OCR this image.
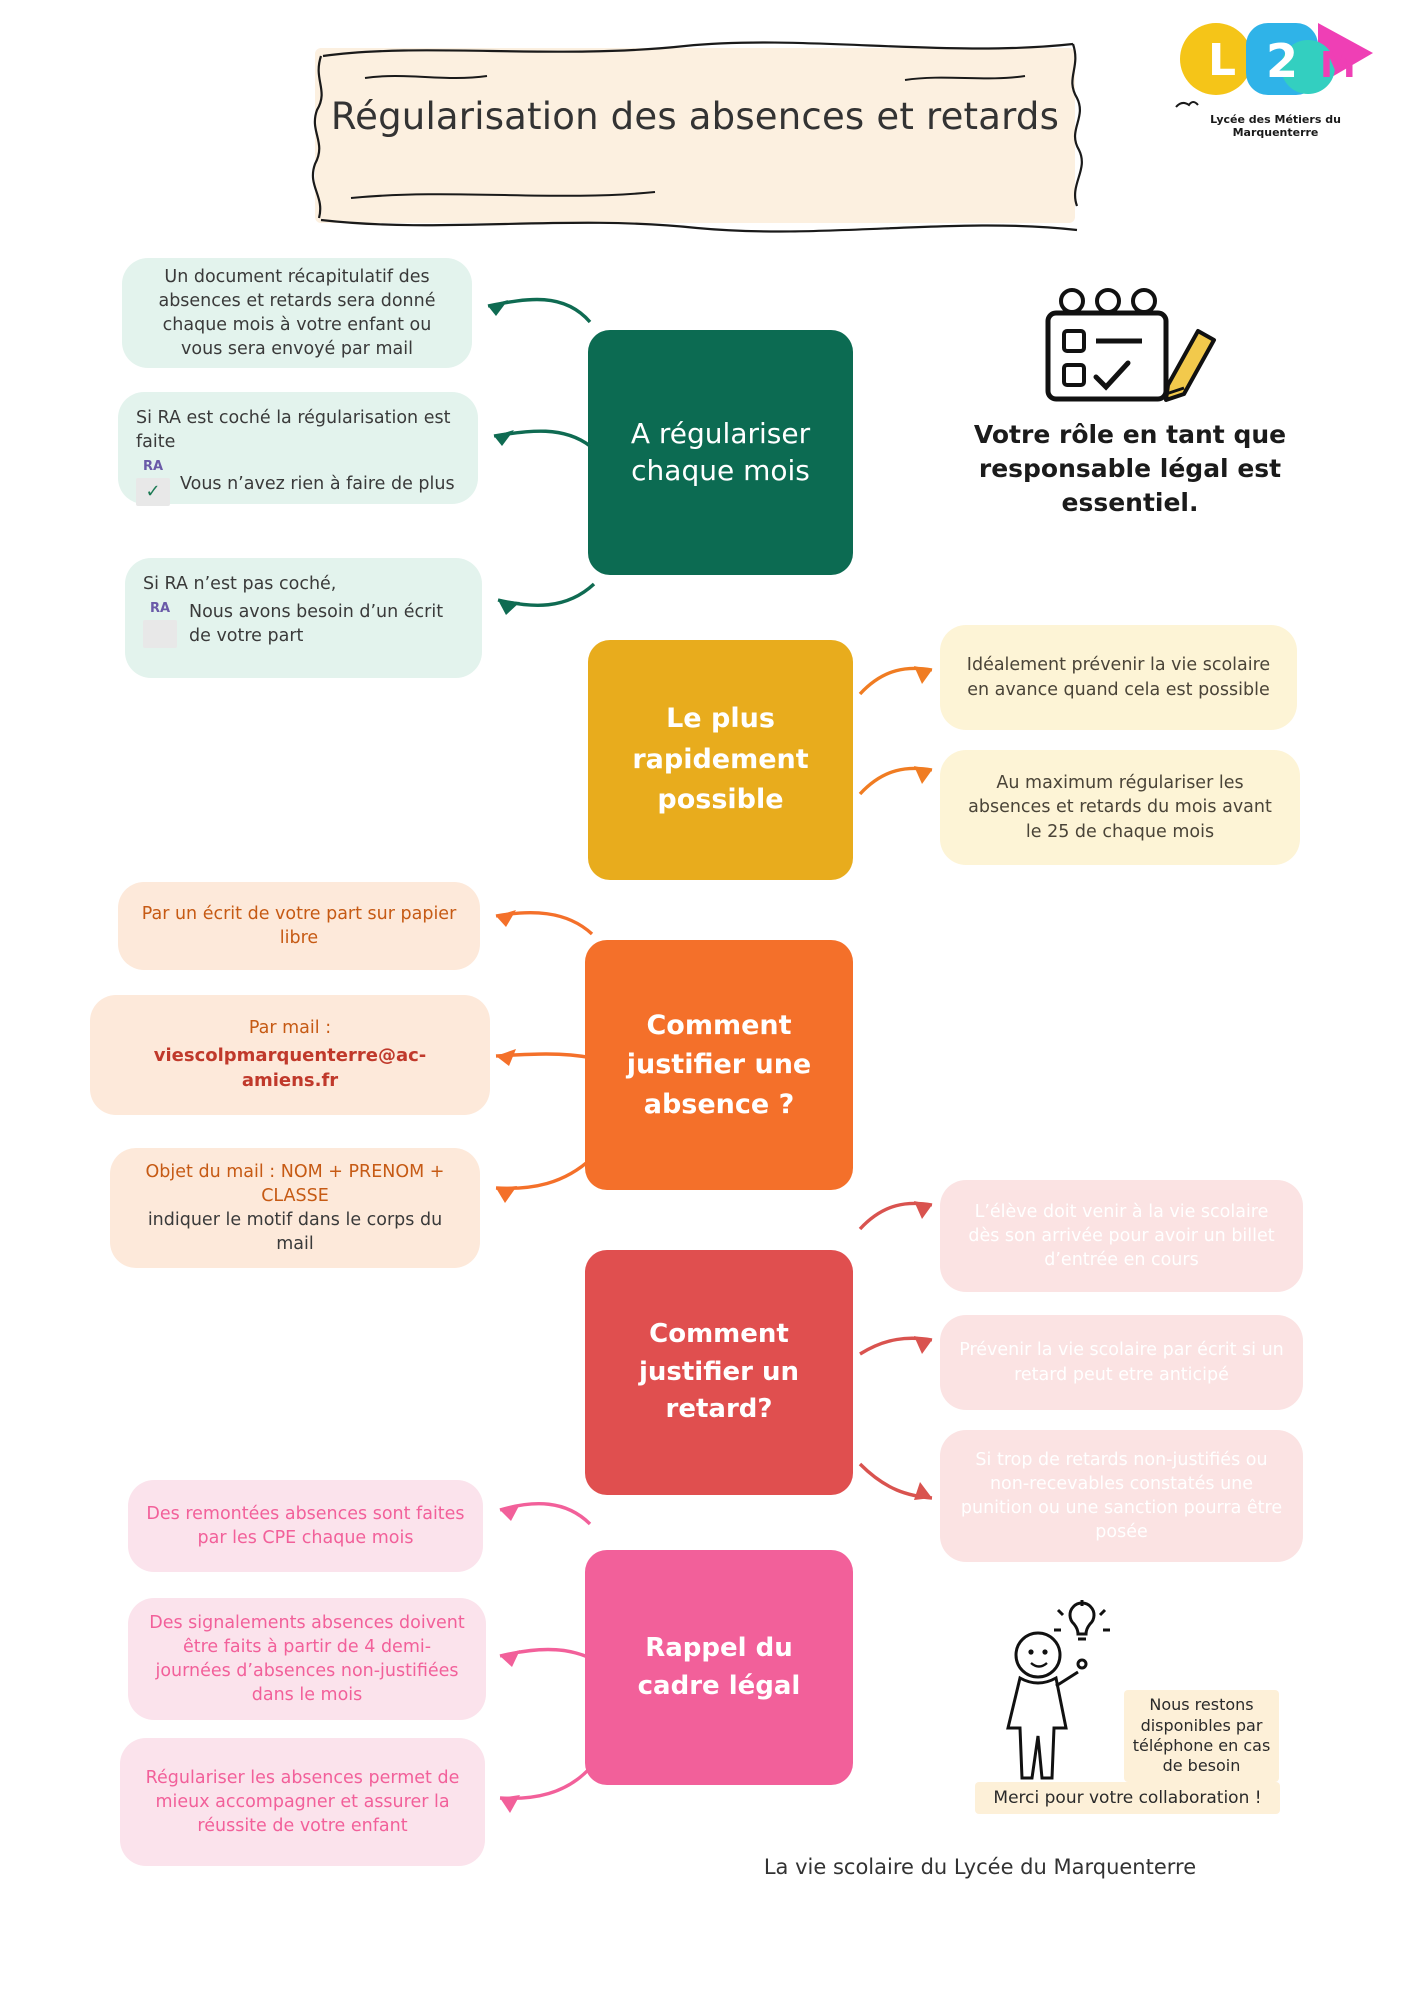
Régularisation des absences et retards
L 2 M
Lycée des Métiers du Marquenterre
Votre rôle en tant que responsable légal est essentiel.
A régulariser chaque mois
Le plus rapidement possible
Comment justifier une absence ?
Comment justifier un retard?
Rappel du cadre légal
Un document récapitulatif des absences et retards sera donné chaque mois à votre enfant ou vous sera envoyé par mail
Si RA est coché la régularisation est faite
RA
✓	Vous n’avez rien à faire de plus
Si RA n’est pas coché,
RA
	Nous avons besoin d’un écrit de votre part
Idéalement prévenir la vie scolaire en avance quand cela est possible
Au maximum régulariser les absences et retards du mois avant le 25 de chaque mois
Par un écrit de votre part sur papier libre
Par mail :
viescolpmarquenterre@ac-amiens.fr
Objet du mail : NOM + PRENOM + CLASSE
indiquer le motif dans le corps du mail
L’élève doit venir à la vie scolaire dès son arrivée pour avoir un billet d’entrée en cours
Prévenir la vie scolaire par écrit si un retard peut etre anticipé
Si trop de retards non-justifiés ou non-recevables constatés une punition ou une sanction pourra être posée
Des remontées absences sont faites par les CPE chaque mois
Des signalements absences doivent être faits à partir de 4 demi-journées d’absences non-justifiées dans le mois
Régulariser les absences permet de mieux accompagner et assurer la réussite de votre enfant
Nous restons disponibles par téléphone en cas de besoin
Merci pour votre collaboration !
La vie scolaire du Lycée du Marquenterre
